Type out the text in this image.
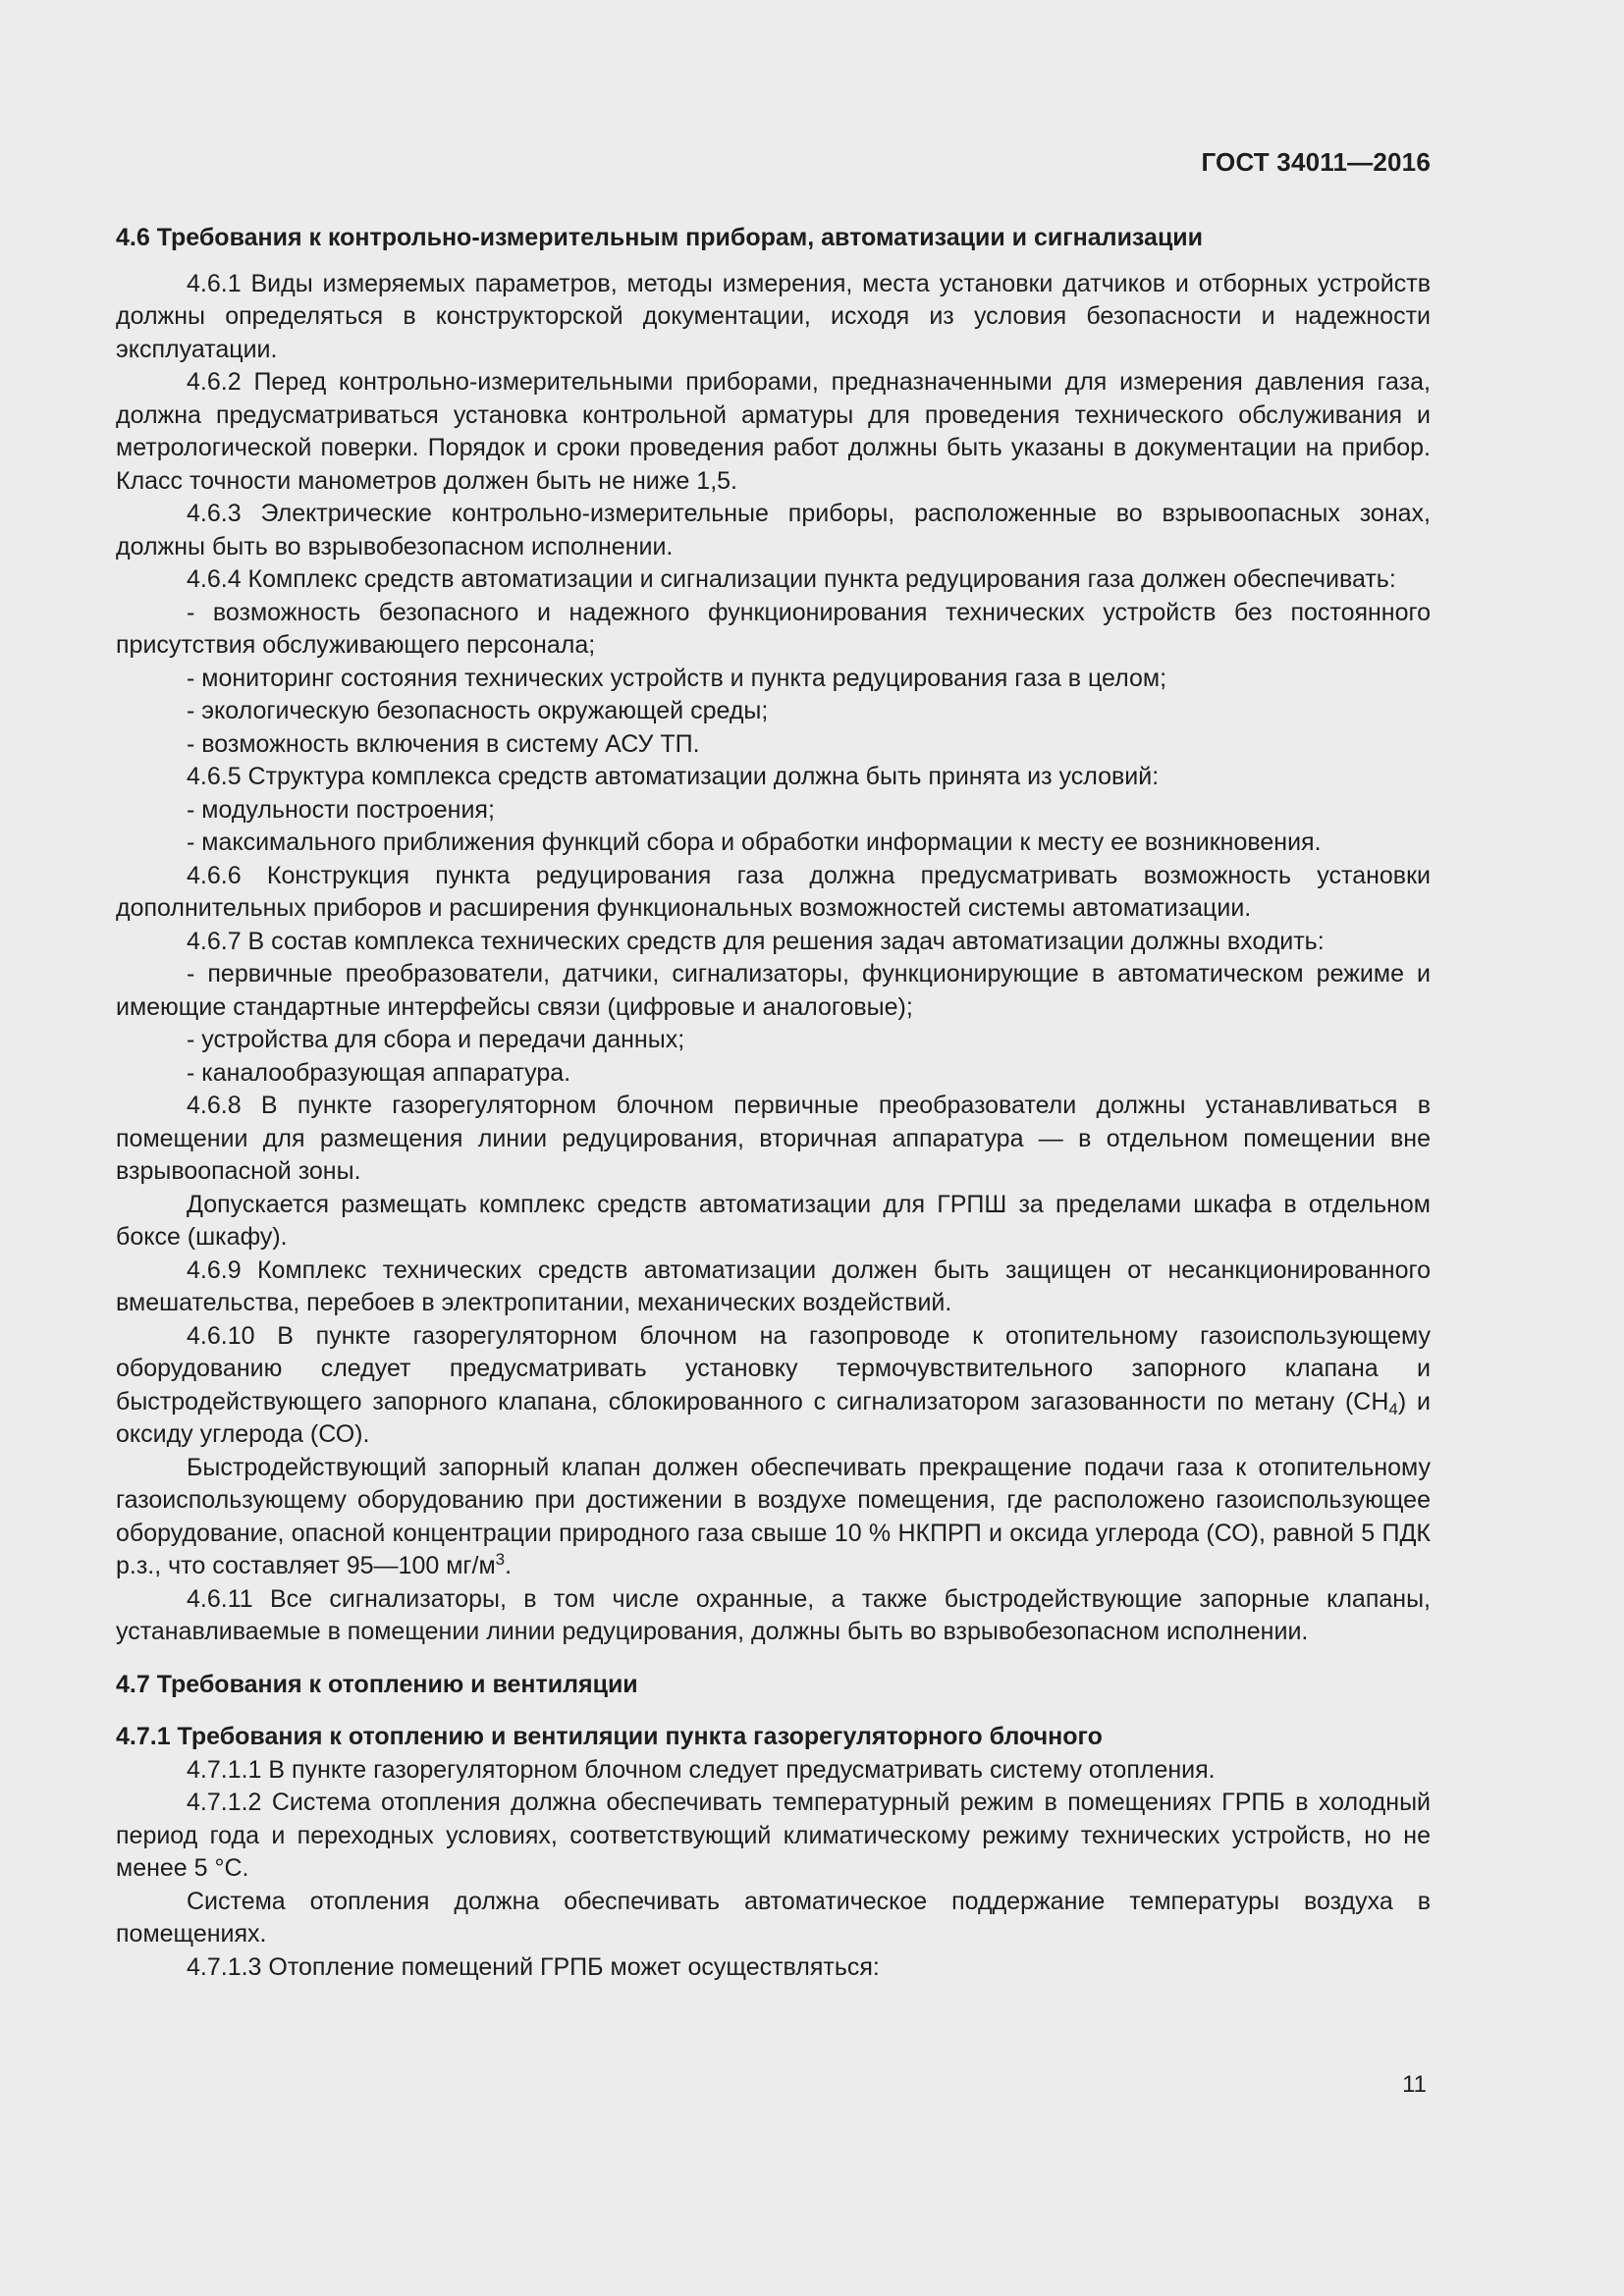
ГОСТ 34011—2016

4.6 Требования к контрольно-измерительным приборам, автоматизации и сигнализации

4.6.1 Виды измеряемых параметров, методы измерения, места установки датчиков и отборных устройств должны определяться в конструкторской документации, исходя из условия безопасности и надежности эксплуатации.

4.6.2 Перед контрольно-измерительными приборами, предназначенными для измерения давления газа, должна предусматриваться установка контрольной арматуры для проведения технического обслуживания и метрологической поверки. Порядок и сроки проведения работ должны быть указаны в документации на прибор. Класс точности манометров должен быть не ниже 1,5.

4.6.3 Электрические контрольно-измерительные приборы, расположенные во взрывоопасных зонах, должны быть во взрывобезопасном исполнении.

4.6.4 Комплекс средств автоматизации и сигнализации пункта редуцирования газа должен обеспечивать:

- возможность безопасного и надежного функционирования технических устройств без постоянного присутствия обслуживающего персонала;

- мониторинг состояния технических устройств и пункта редуцирования газа в целом;

- экологическую безопасность окружающей среды;

- возможность включения в систему АСУ ТП.

4.6.5 Структура комплекса средств автоматизации должна быть принята из условий:

- модульности построения;

- максимального приближения функций сбора и обработки информации к месту ее возникновения.

4.6.6 Конструкция пункта редуцирования газа должна предусматривать возможность установки дополнительных приборов и расширения функциональных возможностей системы автоматизации.

4.6.7 В состав комплекса технических средств для решения задач автоматизации должны входить:

- первичные преобразователи, датчики, сигнализаторы, функционирующие в автоматическом режиме и имеющие стандартные интерфейсы связи (цифровые и аналоговые);

- устройства для сбора и передачи данных;

- каналообразующая аппаратура.

4.6.8 В пункте газорегуляторном блочном первичные преобразователи должны устанавливаться в помещении для размещения линии редуцирования, вторичная аппаратура — в отдельном помещении вне взрывоопасной зоны.

Допускается размещать комплекс средств автоматизации для ГРПШ за пределами шкафа в отдельном боксе (шкафу).

4.6.9 Комплекс технических средств автоматизации должен быть защищен от несанкционированного вмешательства, перебоев в электропитании, механических воздействий.

4.6.10 В пункте газорегуляторном блочном на газопроводе к отопительному газоиспользующему оборудованию следует предусматривать установку термочувствительного запорного клапана и быстродействующего запорного клапана, сблокированного с сигнализатором загазованности по метану $(CH_4)$ и оксиду углерода (СО).

Быстродействующий запорный клапан должен обеспечивать прекращение подачи газа к отопительному газоиспользующему оборудованию при достижении в воздухе помещения, где расположено газоиспользующее оборудование, опасной концентрации природного газа свыше 10 % НКПРП и оксида углерода (СО), равной 5 ПДК р.з., что составляет 95—100 $мг/м^3$.

4.6.11 Все сигнализаторы, в том числе охранные, а также быстродействующие запорные клапаны, устанавливаемые в помещении линии редуцирования, должны быть во взрывобезопасном исполнении.

4.7 Требования к отоплению и вентиляции

4.7.1 Требования к отоплению и вентиляции пункта газорегуляторного блочного

4.7.1.1 В пункте газорегуляторном блочном следует предусматривать систему отопления.

4.7.1.2 Система отопления должна обеспечивать температурный режим в помещениях ГРПБ в холодный период года и переходных условиях, соответствующий климатическому режиму технических устройств, но не менее 5 °С.

Система отопления должна обеспечивать автоматическое поддержание температуры воздуха в помещениях.

4.7.1.3 Отопление помещений ГРПБ может осуществляться:

11
